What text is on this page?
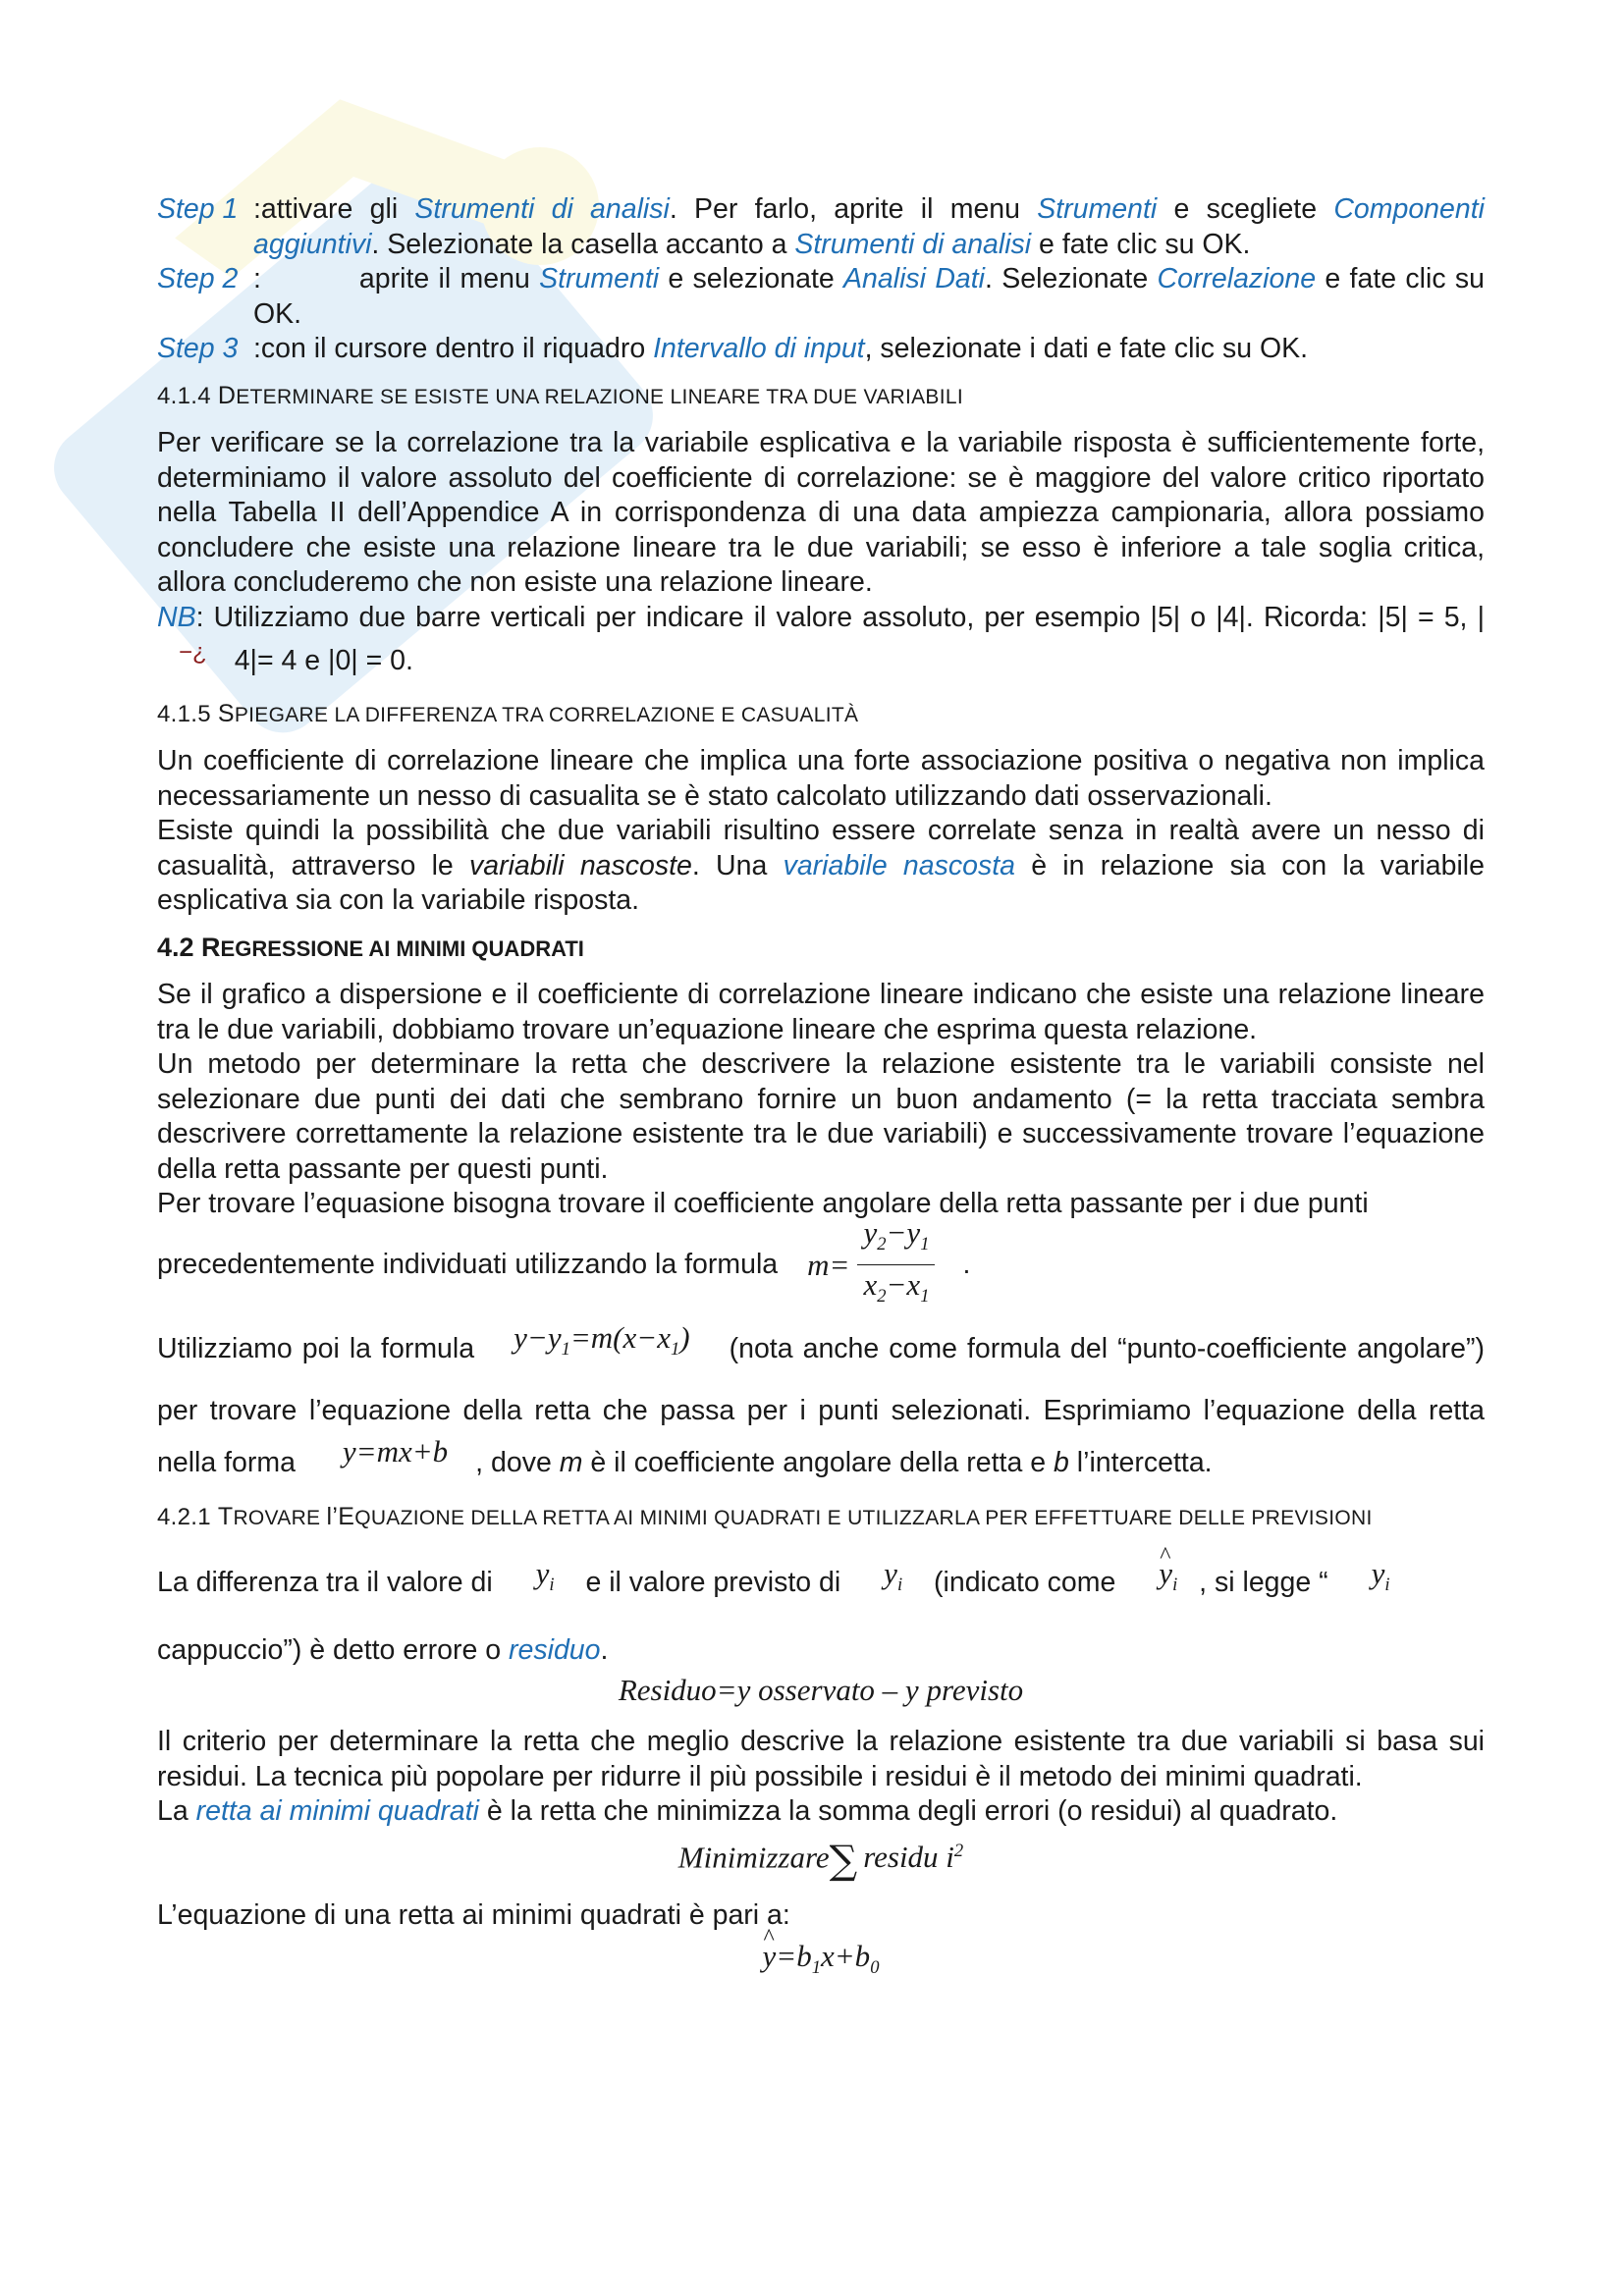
Step 1 :attivare gli Strumenti di analisi. Per farlo, aprite il menu Strumenti e scegliete Componenti aggiuntivi. Selezionate la casella accanto a Strumenti di analisi e fate clic su OK.
Step 2 :	aprite il menu Strumenti e selezionate Analisi Dati. Selezionate Correlazione e fate clic su OK.
Step 3 :con il cursore dentro il riquadro Intervallo di input, selezionate i dati e fate clic su OK.
4.1.4 DETERMINARE SE ESISTE UNA RELAZIONE LINEARE TRA DUE VARIABILI

Per verificare se la correlazione tra la variabile esplicativa e la variabile risposta è sufficientemente forte, determiniamo il valore assoluto del coefficiente di correlazione: se è maggiore del valore critico riportato nella Tabella II dell’Appendice A in corrispondenza di una data ampiezza campionaria, allora possiamo concludere che esiste una relazione lineare tra le due variabili; se esso è inferiore a tale soglia critica, allora concluderemo che non esiste una relazione lineare.

NB: Utilizziamo due barre verticali per indicare il valore assoluto, per esempio |5| o |4|. Ricorda: |5| = 5, |−¿ 4|= 4 e |0| = 0.

4.1.5 SPIEGARE LA DIFFERENZA TRA CORRELAZIONE E CASUALITÀ

Un coefficiente di correlazione lineare che implica una forte associazione positiva o negativa non implica necessariamente un nesso di casualita se è stato calcolato utilizzando dati osservazionali.

Esiste quindi la possibilità che due variabili risultino essere correlate senza in realtà avere un nesso di casualità, attraverso le variabili nascoste. Una variabile nascosta è in relazione sia con la variabile esplicativa sia con la variabile risposta.

4.2 REGRESSIONE AI MINIMI QUADRATI

Se il grafico a dispersione e il coefficiente di correlazione lineare indicano che esiste una relazione lineare tra le due variabili, dobbiamo trovare un’equazione lineare che esprima questa relazione.

Un metodo per determinare la retta che descrivere la relazione esistente tra le variabili consiste nel selezionare due punti dei dati che sembrano fornire un buon andamento (= la retta tracciata sembra descrivere correttamente la relazione esistente tra le due variabili) e successivamente trovare l’equazione della retta passante per questi punti.

Per trovare l’equasione bisogna trovare il coefficiente angolare della retta passante per i due punti

precedentemente individuati utilizzando la formula $m= \frac{y_2-y_1}{x_2-x_1}$ .

Utilizziamo poi la formula $y-y_1=m(x-x_1)$ (nota anche come formula del “punto-coefficiente angolare”) per trovare l’equazione della retta che passa per i punti selezionati. Esprimiamo l’equazione della retta nella forma y=mx+b , dove m è il coefficiente angolare della retta e b l’intercetta.

4.2.1 TROVARE l’EQUAZIONE DELLA RETTA AI MINIMI QUADRATI E UTILIZZARLA PER EFFETTUARE DELLE PREVISIONI

La differenza tra il valore di $y_i$ e il valore previsto di $y_i$ (indicato come ^ $y_i$ , si legge “ $y_i$
cappuccio”) è detto errore o residuo.

Residuo=y osservato – y previsto

Il criterio per determinare la retta che meglio descrive la relazione esistente tra due variabili si basa sui residui. La tecnica più popolare per ridurre il più possibile i residui è il metodo dei minimi quadrati.

La retta ai minimi quadrati è la retta che minimizza la somma degli errori (o residui) al quadrato.

Minimizzare∑ residu $i^2$

L’equazione di una retta ai minimi quadrati è pari a:

^ $y=b_1x+b_0$
